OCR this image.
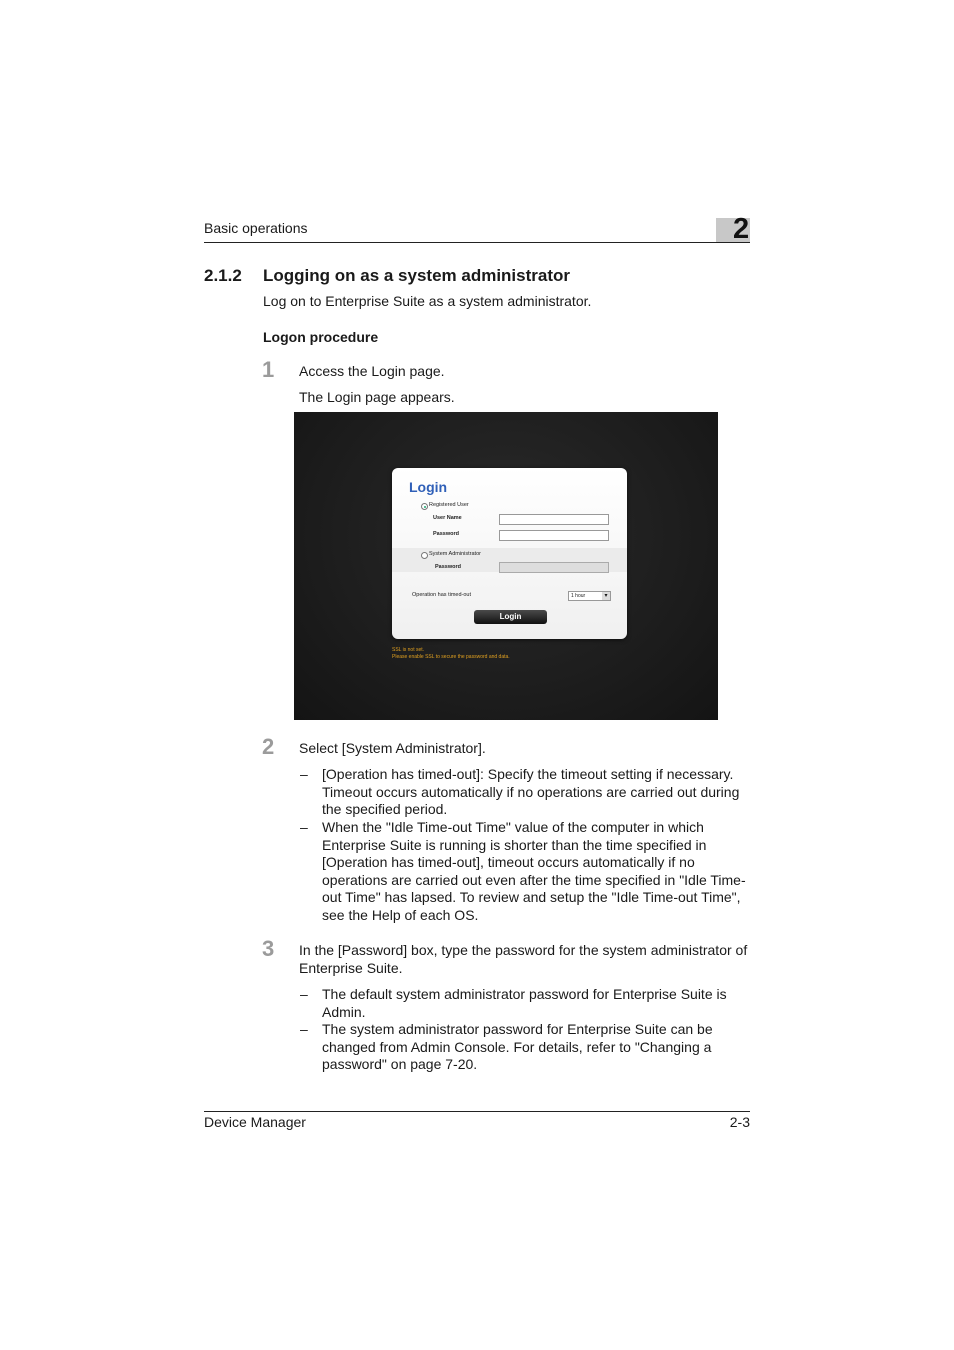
Basic operations	2
2.1.2 Logging on as a system administrator
Log on to Enterprise Suite as a system administrator.
Logon procedure
1 Access the Login page.
The Login page appears.
Login
Registered User
User Name
Password
System Administrator
Password
Operation has timed-out	1 hour	▾
Login
SSL is not set.
Please enable SSL to secure the password and data.
2 Select [System Administrator].
– [Operation has timed-out]: Specify the timeout setting if necessary. Timeout occurs automatically if no operations are carried out during the specified period.
– When the "Idle Time-out Time" value of the computer in which Enterprise Suite is running is shorter than the time specified in [Operation has timed-out], timeout occurs automatically if no operations are carried out even after the time specified in "Idle Time-out Time" has lapsed. To review and setup the "Idle Time-out Time", see the Help of each OS.
3 In the [Password] box, type the password for the system administrator of Enterprise Suite.
– The default system administrator password for Enterprise Suite is Admin.
– The system administrator password for Enterprise Suite can be changed from Admin Console. For details, refer to "Changing a password" on page 7-20.
Device Manager	2-3
